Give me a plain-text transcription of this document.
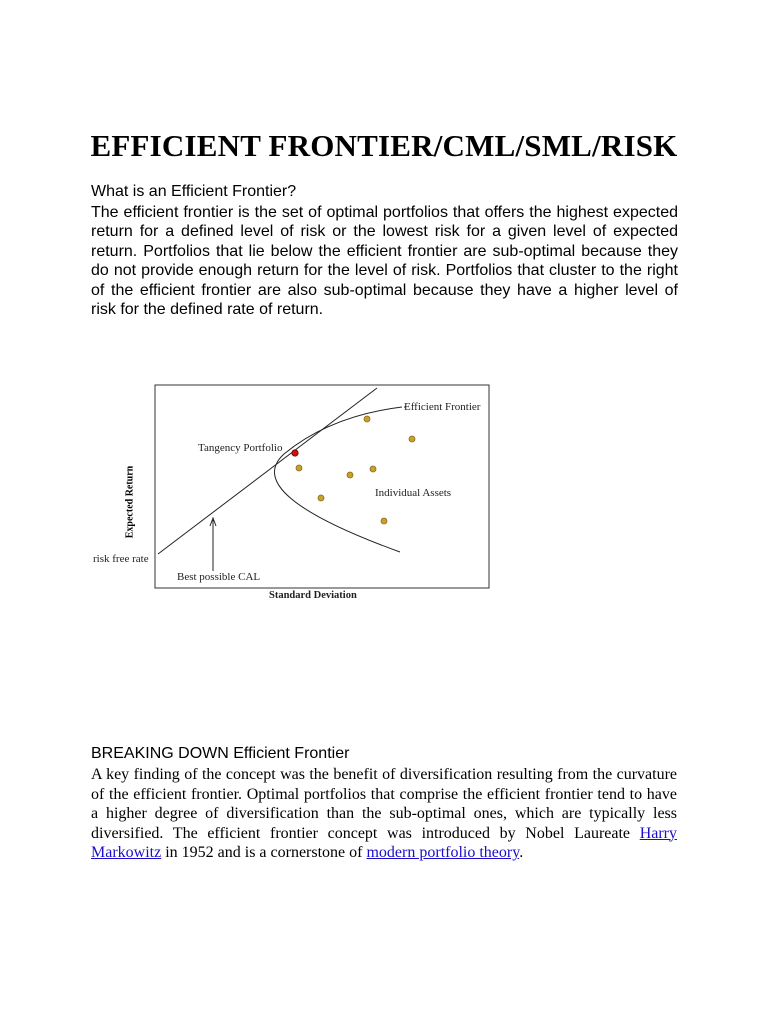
EFFICIENT FRONTIER/CML/SML/RISK
What is an Efficient Frontier?

The efficient frontier is the set of optimal portfolios that offers the highest expected return for a defined level of risk or the lowest risk for a given level of expected return. Portfolios that lie below the efficient frontier are sub-optimal because they do not provide enough return for the level of risk. Portfolios that cluster to the right of the efficient frontier are also sub-optimal because they have a higher level of risk for the defined rate of return.

Expected Return
Efficient Frontier
Tangency Portfolio
Individual Assets
risk free rate
Best possible CAL
Standard Deviation
BREAKING DOWN Efficient Frontier

A key finding of the concept was the benefit of diversification resulting from the curvature of the efficient frontier. Optimal portfolios that comprise the efficient frontier tend to have a higher degree of diversification than the sub-optimal ones, which are typically less diversified. The efficient frontier concept was introduced by Nobel Laureate Harry Markowitz in 1952 and is a cornerstone of modern portfolio theory.
